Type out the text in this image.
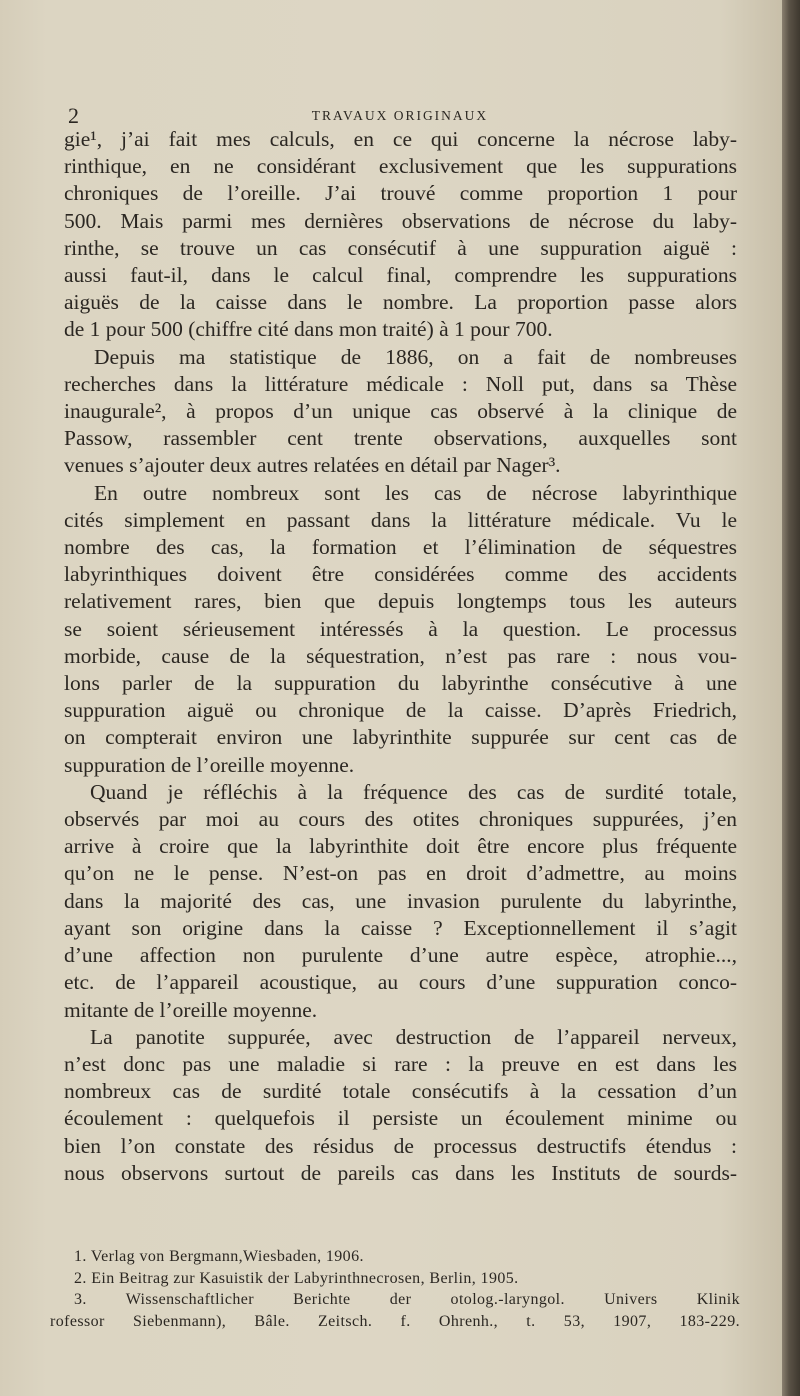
2	TRAVAUX ORIGINAUX
gie¹, j’ai fait mes calculs, en ce qui concerne la nécrose laby-
rinthique, en ne considérant exclusivement que les suppurations
chroniques de l’oreille. J’ai trouvé comme proportion 1 pour
500. Mais parmi mes dernières observations de nécrose du laby-
rinthe, se trouve un cas consécutif à une suppuration aiguë :
aussi faut-il, dans le calcul final, comprendre les suppurations
aiguës de la caisse dans le nombre. La proportion passe alors
de 1 pour 500 (chiffre cité dans mon traité) à 1 pour 700.
Depuis ma statistique de 1886, on a fait de nombreuses
recherches dans la littérature médicale : Noll put, dans sa Thèse
inaugurale², à propos d’un unique cas observé à la clinique de
Passow, rassembler cent trente observations, auxquelles sont
venues s’ajouter deux autres relatées en détail par Nager³.
En outre nombreux sont les cas de nécrose labyrinthique
cités simplement en passant dans la littérature médicale. Vu le
nombre des cas, la formation et l’élimination de séquestres
labyrinthiques doivent être considérées comme des accidents
relativement rares, bien que depuis longtemps tous les auteurs
se soient sérieusement intéressés à la question. Le processus
morbide, cause de la séquestration, n’est pas rare : nous vou-
lons parler de la suppuration du labyrinthe consécutive à une
suppuration aiguë ou chronique de la caisse. D’après Friedrich,
on compterait environ une labyrinthite suppurée sur cent cas de
suppuration de l’oreille moyenne.
Quand je réfléchis à la fréquence des cas de surdité totale,
observés par moi au cours des otites chroniques suppurées, j’en
arrive à croire que la labyrinthite doit être encore plus fréquente
qu’on ne le pense. N’est-on pas en droit d’admettre, au moins
dans la majorité des cas, une invasion purulente du labyrinthe,
ayant son origine dans la caisse ? Exceptionnellement il s’agit
d’une affection non purulente d’une autre espèce, atrophie...,
etc. de l’appareil acoustique, au cours d’une suppuration conco-
mitante de l’oreille moyenne.
La panotite suppurée, avec destruction de l’appareil nerveux,
n’est donc pas une maladie si rare : la preuve en est dans les
nombreux cas de surdité totale consécutifs à la cessation d’un
écoulement : quelquefois il persiste un écoulement minime ou
bien l’on constate des résidus de processus destructifs étendus :
nous observons surtout de pareils cas dans les Instituts de sourds-
1. Verlag von Bergmann,Wiesbaden, 1906.
2. Ein Beitrag zur Kasuistik der Labyrinthnecrosen, Berlin, 1905.
3. Wissenschaftlicher Berichte der otolog.-laryngol. Univers Klinik
rofessor Siebenmann), Bâle. Zeitsch. f. Ohrenh., t. 53, 1907, 183-229.
